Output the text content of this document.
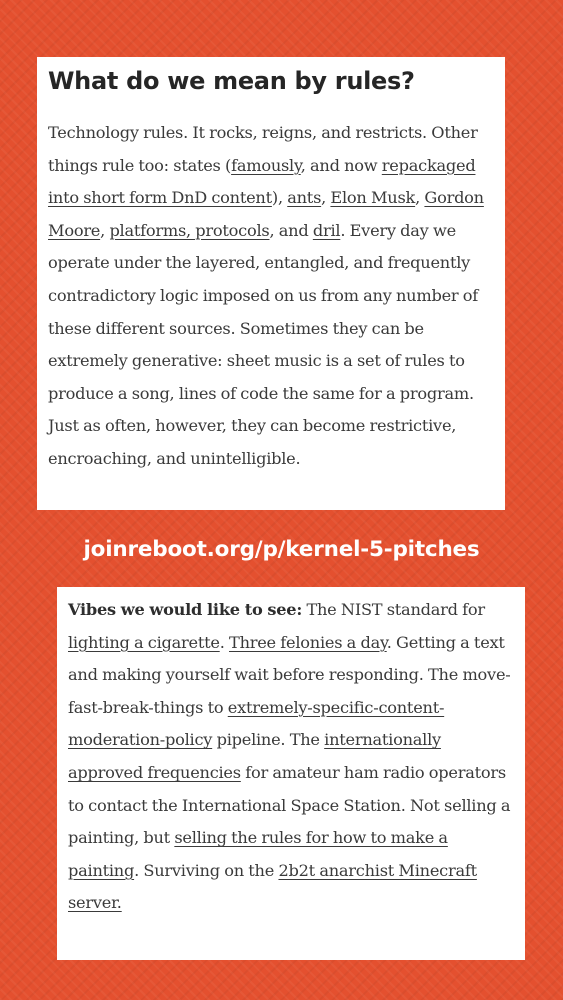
What do we mean by rules?

Technology rules. It rocks, reigns, and restricts. Other things rule too: states (famously, and now repackaged into short form DnD content), ants, Elon Musk, Gordon Moore, platforms, protocols, and dril. Every day we operate under the layered, entangled, and frequently contradictory logic imposed on us from any number of these different sources. Sometimes they can be extremely generative: sheet music is a set of rules to produce a song, lines of code the same for a program. Just as often, however, they can become restrictive, encroaching, and unintelligible.

joinreboot.org/p/kernel-5-pitches

Vibes we would like to see: The NIST standard for lighting a cigarette. Three felonies a day. Getting a text and making yourself wait before responding. The move-fast-break-things to extremely-specific-content-moderation-policy pipeline. The internationally approved frequencies for amateur ham radio operators to contact the International Space Station. Not selling a painting, but selling the rules for how to make a painting. Surviving on the 2b2t anarchist Minecraft server.
